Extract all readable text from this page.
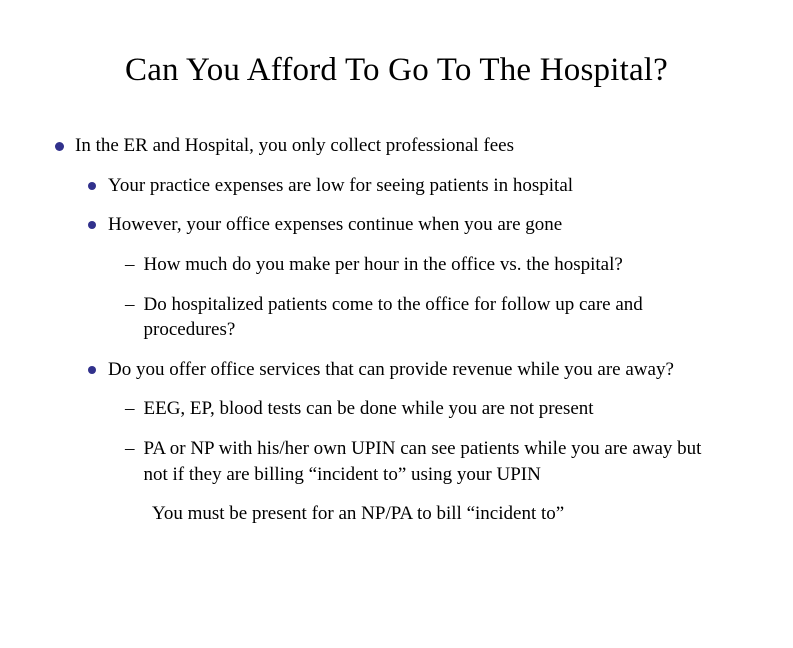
Can You Afford To Go To The Hospital?
In the ER and Hospital, you only collect professional fees
Your practice expenses are low for seeing patients in hospital
However, your office expenses continue when you are gone
– How much do you make per hour in the office vs. the hospital?
– Do hospitalized patients come to the office for follow up care and procedures?
Do you offer office services that can provide revenue while you are away?
– EEG, EP, blood tests can be done while you are not present
– PA or NP with his/her own UPIN can see patients while you are away but not if they are billing “incident to” using your UPIN
You must be present for an NP/PA to bill “incident to”
